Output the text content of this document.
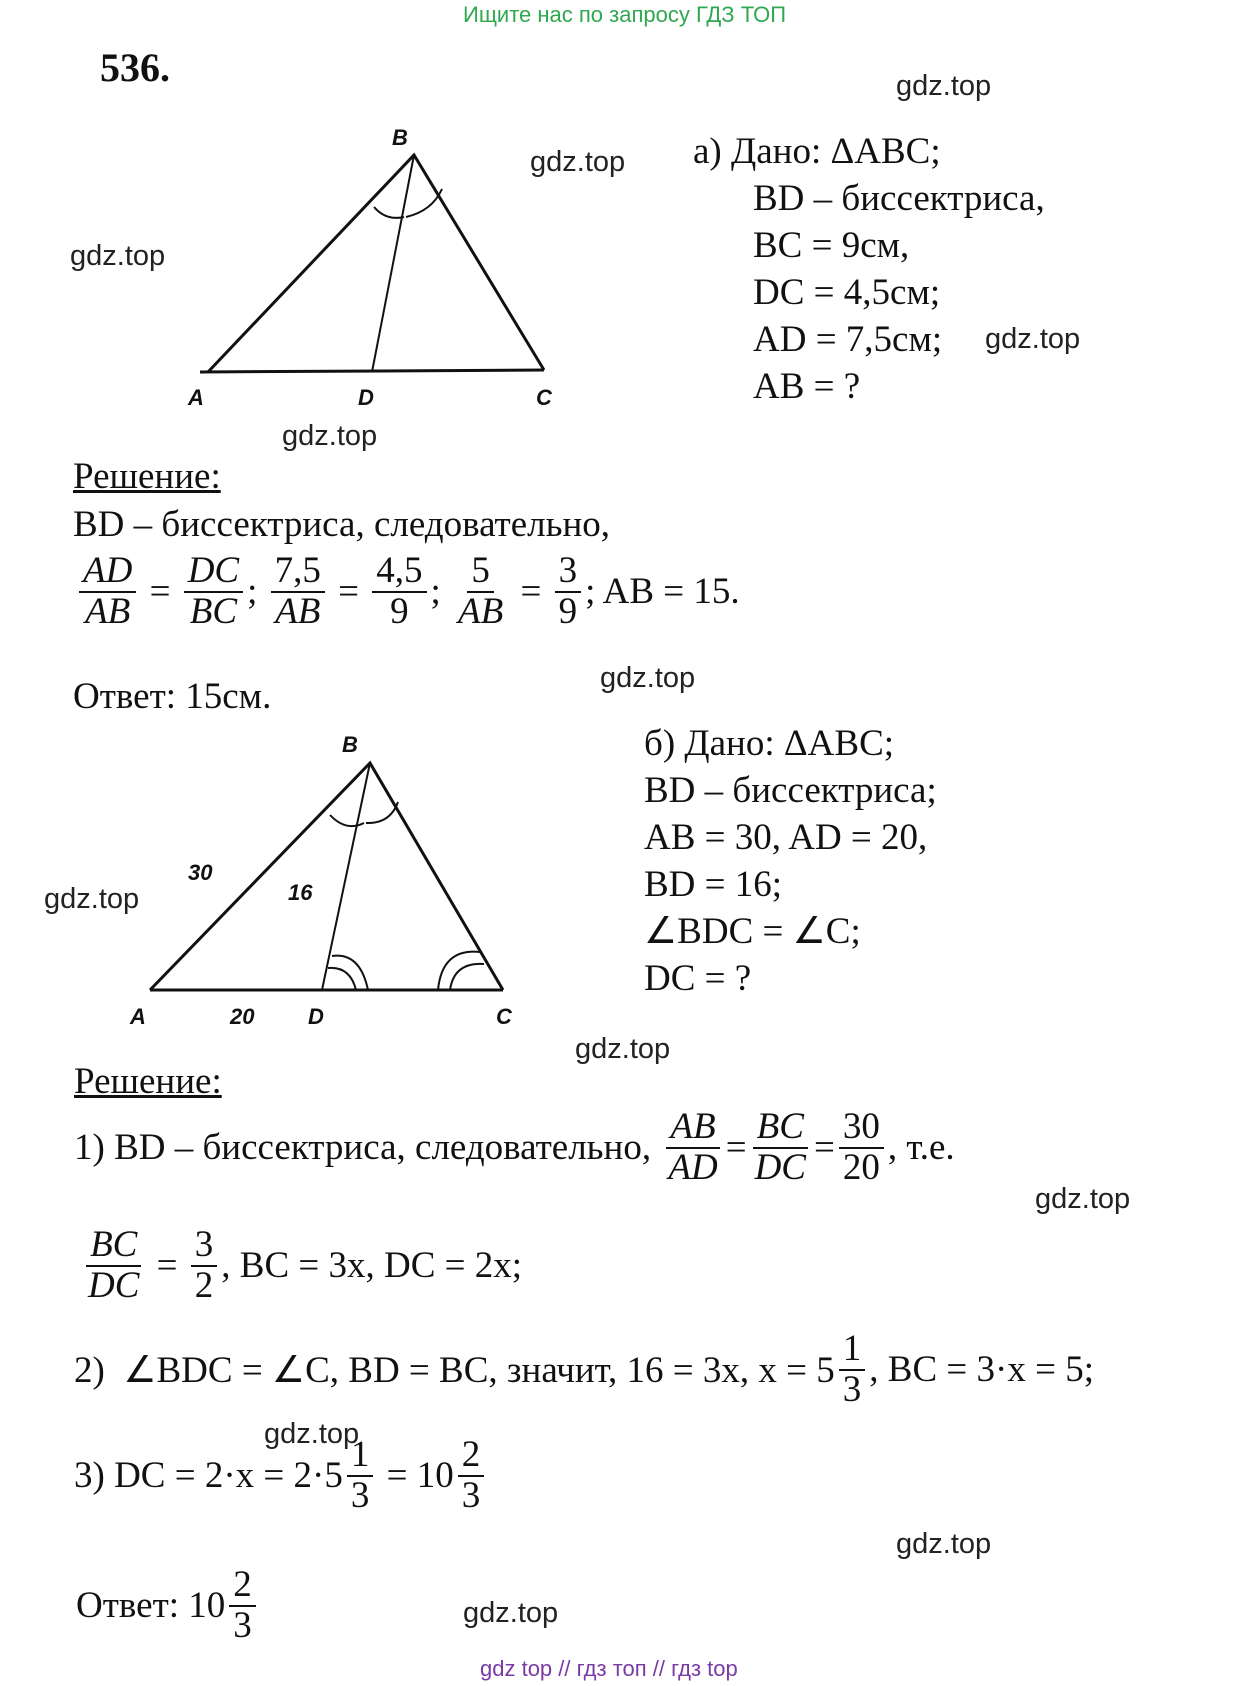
Ищите нас по запросу ГДЗ ТОП
536.	gdz.top
gdz.top
gdz.top
gdz.top
gdz.top
gdz.top
gdz.top
gdz.top
gdz.top
gdz.top
gdz.top
gdz.top
B
A	D	C
а) Дано: ΔABC;
BD – биссектриса,
BC = 9см,
DC = 4,5см;
AD = 7,5см;
AB = ?
Решение:
BD – биссектриса, следовательно,
$\frac{AD}{AB} = \frac{DC}{BC}$ ; $\frac{7,5}{AB} = \frac{4,5}{9}$ ; $\frac{5}{AB} = \frac{3}{9}$ ; AB = 15.
Ответ: 15см.
B
A	D	C
30
16
20
б) Дано: ΔABC;
BD – биссектриса;
AB = 30, AD = 20,
BD = 16;
∠BDC = ∠C;
DC = ?
Решение:
1) BD – биссектриса, следовательно,
$\frac{AB}{AD} = \frac{BC}{DC} = \frac{30}{20}$ , т.е.
$\frac{BC}{DC} = \frac{3}{2}$ , BC = 3x, DC = 2x;
2)  ∠BDC = ∠C, BD = BC, значит, 16 = 3x, $x = 5 \frac{1}{3}$ , BC = 3·x = 5;
3) DC = $2\cdot x = 2\cdot 5 \frac{1}{3} = 10 \frac{2}{3}$
Ответ: $10 \frac{2}{3}$
gdz top // гдз топ // гдз top
